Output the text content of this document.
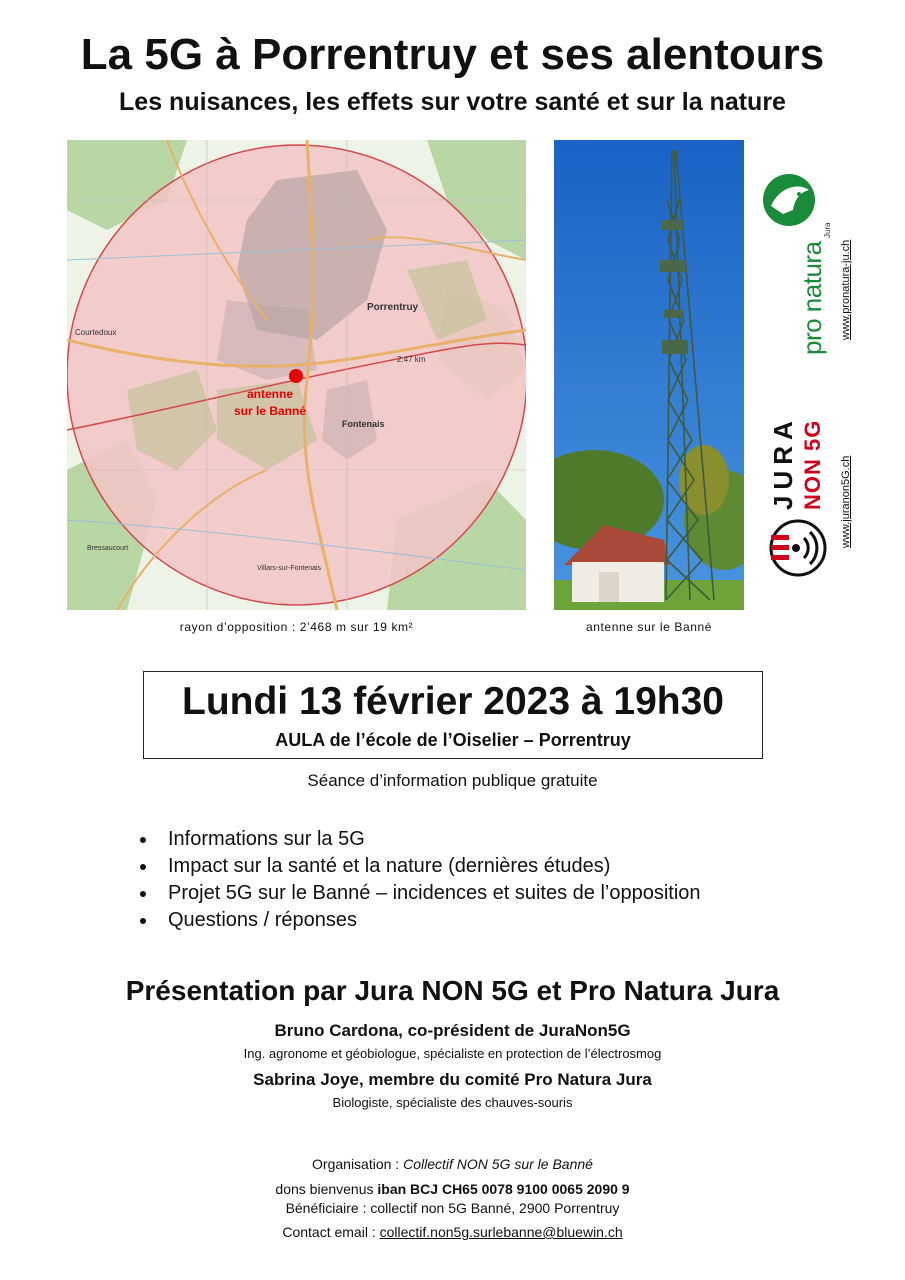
La 5G à Porrentruy et ses alentours
Les nuisances, les effets sur votre santé et sur la nature
Porrentruy
Fontenais
Courtedoux
Villars-sur-Fontenais
Bressaucourt
2.47 km
antenne
sur le Banné
rayon d’opposition : 2’468 m sur 19 km²	antenne sur le Banné
pro natura
Jura
www.pronatura-ju.ch
JURA NON 5G www.juranon5G.ch
Lundi 13 février 2023 à 19h30
AULA de l’école de l’Oiselier – Porrentruy
Séance d’information publique gratuite
Informations sur la 5G
Impact sur la santé et la nature (dernières études)
Projet 5G sur le Banné – incidences et suites de l’opposition
Questions / réponses
Présentation par Jura NON 5G et Pro Natura Jura
Bruno Cardona, co-président de JuraNon5G
Ing. agronome et géobiologue, spécialiste en protection de l’électrosmog
Sabrina Joye, membre du comité Pro Natura Jura
Biologiste, spécialiste des chauves-souris
Organisation : Collectif NON 5G sur le Banné
dons bienvenus iban BCJ CH65 0078 9100 0065 2090 9
Bénéficiaire : collectif non 5G Banné, 2900 Porrentruy
Contact email : collectif.non5g.surlebanne@bluewin.ch
